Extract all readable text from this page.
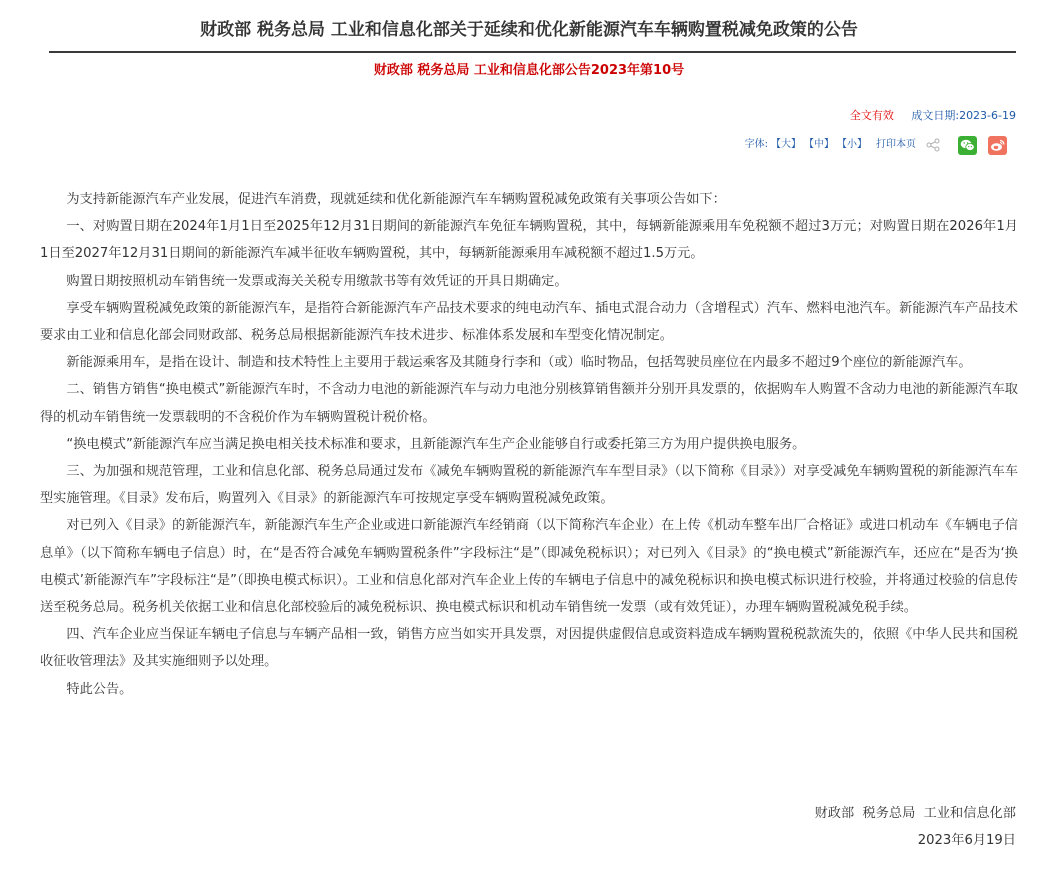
财政部 税务总局 工业和信息化部关于延续和优化新能源汽车车辆购置税减免政策的公告
财政部 税务总局 工业和信息化部公告2023年第10号
全文有效 成文日期:2023-6-19
字体: 【大】 【中】 【小】 打印本页

为支持新能源汽车产业发展，促进汽车消费，现就延续和优化新能源汽车车辆购置税减免政策有关事项公告如下：

一、对购置日期在2024年1月1日至2025年12月31日期间的新能源汽车免征车辆购置税，其中，每辆新能源乘用车免税额不超过3万元；对购置日期在2026年1月1日至2027年12月31日期间的新能源汽车减半征收车辆购置税，其中，每辆新能源乘用车减税额不超过1.5万元。

购置日期按照机动车销售统一发票或海关关税专用缴款书等有效凭证的开具日期确定。

享受车辆购置税减免政策的新能源汽车，是指符合新能源汽车产品技术要求的纯电动汽车、插电式混合动力（含增程式）汽车、燃料电池汽车。新能源汽车产品技术要求由工业和信息化部会同财政部、税务总局根据新能源汽车技术进步、标准体系发展和车型变化情况制定。

新能源乘用车，是指在设计、制造和技术特性上主要用于载运乘客及其随身行李和（或）临时物品，包括驾驶员座位在内最多不超过9个座位的新能源汽车。

二、销售方销售“换电模式”新能源汽车时，不含动力电池的新能源汽车与动力电池分别核算销售额并分别开具发票的，依据购车人购置不含动力电池的新能源汽车取得的机动车销售统一发票载明的不含税价作为车辆购置税计税价格。

“换电模式”新能源汽车应当满足换电相关技术标准和要求，且新能源汽车生产企业能够自行或委托第三方为用户提供换电服务。

三、为加强和规范管理，工业和信息化部、税务总局通过发布《减免车辆购置税的新能源汽车车型目录》（以下简称《目录》）对享受减免车辆购置税的新能源汽车车型实施管理。《目录》发布后，购置列入《目录》的新能源汽车可按规定享受车辆购置税减免政策。

对已列入《目录》的新能源汽车，新能源汽车生产企业或进口新能源汽车经销商（以下简称汽车企业）在上传《机动车整车出厂合格证》或进口机动车《车辆电子信息单》（以下简称车辆电子信息）时，在“是否符合减免车辆购置税条件”字段标注“是”（即减免税标识）；对已列入《目录》的“换电模式”新能源汽车，还应在“是否为‘换电模式’新能源汽车”字段标注“是”（即换电模式标识）。工业和信息化部对汽车企业上传的车辆电子信息中的减免税标识和换电模式标识进行校验，并将通过校验的信息传送至税务总局。税务机关依据工业和信息化部校验后的减免税标识、换电模式标识和机动车销售统一发票（或有效凭证），办理车辆购置税减免税手续。

四、汽车企业应当保证车辆电子信息与车辆产品相一致，销售方应当如实开具发票，对因提供虚假信息或资料造成车辆购置税税款流失的，依照《中华人民共和国税收征收管理法》及其实施细则予以处理。

特此公告。

财政部  税务总局  工业和信息化部
2023年6月19日
